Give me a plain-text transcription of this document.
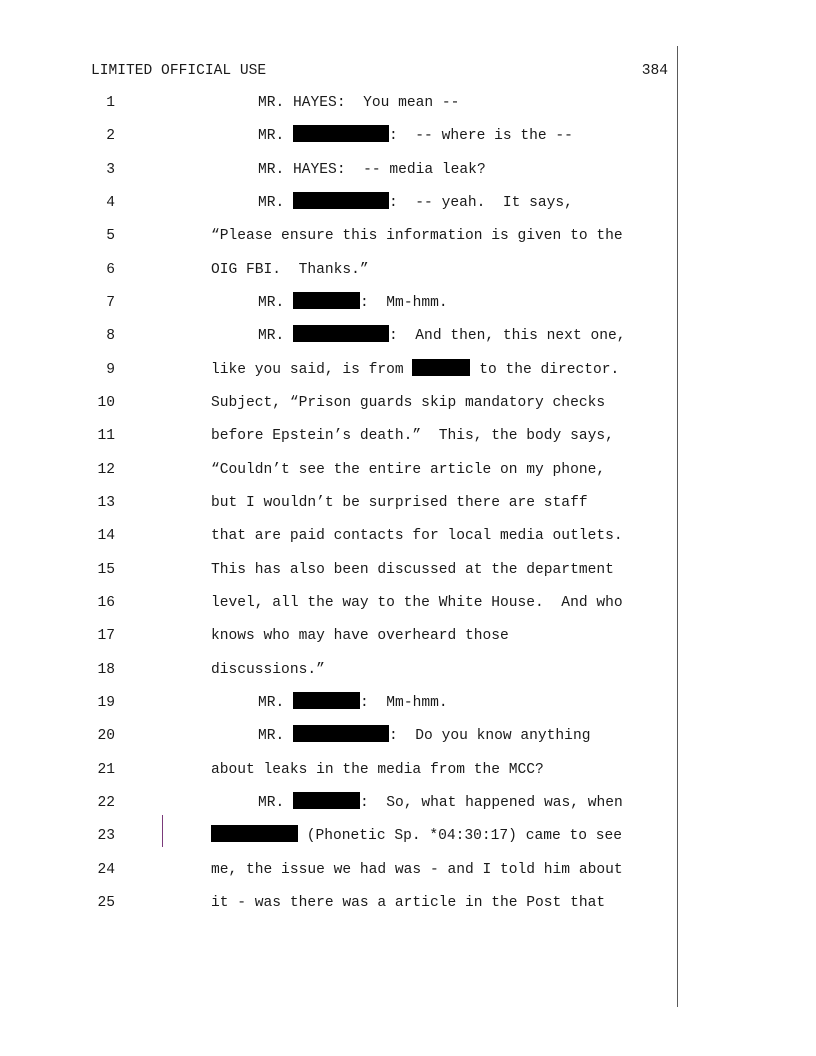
LIMITED OFFICIAL USE	384
1	MR. HAYES:  You mean --
2	MR.	:  -- where is the --
3	MR. HAYES:  -- media leak?
4	MR.	:  -- yeah.  It says,
5	“Please ensure this information is given to the
6	OIG FBI.  Thanks.”
7	MR.	:  Mm-hmm.
8	MR.	:  And then, this next one,
9	like you said, is from	to the director.
10	Subject, “Prison guards skip mandatory checks
11	before Epstein’s death.”  This, the body says,
12	“Couldn’t see the entire article on my phone,
13	but I wouldn’t be surprised there are staff
14	that are paid contacts for local media outlets.
15	This has also been discussed at the department
16	level, all the way to the White House.  And who
17	knows who may have overheard those
18	discussions.”
19	MR.	:  Mm-hmm.
20	MR.	:  Do you know anything
21	about leaks in the media from the MCC?
22	MR.	:  So, what happened was, when
23	(Phonetic Sp. *04:30:17) came to see
24	me, the issue we had was - and I told him about
25	it - was there was a article in the Post that
